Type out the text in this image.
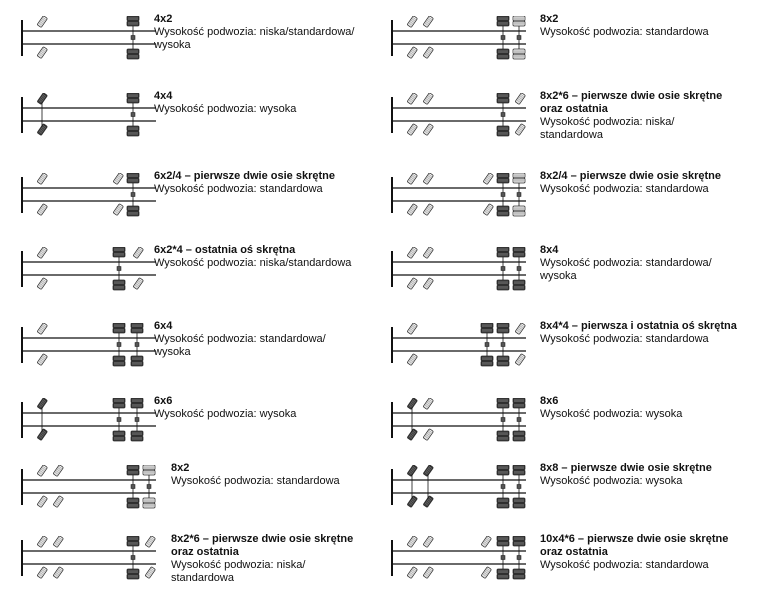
4x2
Wysokość podwozia: niska/standardowa/
wysoka
4x4
Wysokość podwozia: wysoka
6x2/4 – pierwsze dwie osie skrętne
Wysokość podwozia: standardowa
6x2*4 – ostatnia oś skrętna
Wysokość podwozia: niska/standardowa
6x4
Wysokość podwozia: standardowa/
wysoka
6x6
Wysokość podwozia: wysoka
8x2
Wysokość podwozia: standardowa
8x2*6 – pierwsze dwie osie skrętne
oraz ostatnia
Wysokość podwozia: niska/
standardowa
8x2
Wysokość podwozia: standardowa
8x2*6 – pierwsze dwie osie skrętne
oraz ostatnia
Wysokość podwozia: niska/
standardowa
8x2/4 – pierwsze dwie osie skrętne
Wysokość podwozia: standardowa
8x4
Wysokość podwozia: standardowa/
wysoka
8x4*4 – pierwsza i ostatnia oś skrętna
Wysokość podwozia: standardowa
8x6
Wysokość podwozia: wysoka
8x8 – pierwsze dwie osie skrętne
Wysokość podwozia: wysoka
10x4*6 – pierwsze dwie osie skrętne
oraz ostatnia
Wysokość podwozia: standardowa
